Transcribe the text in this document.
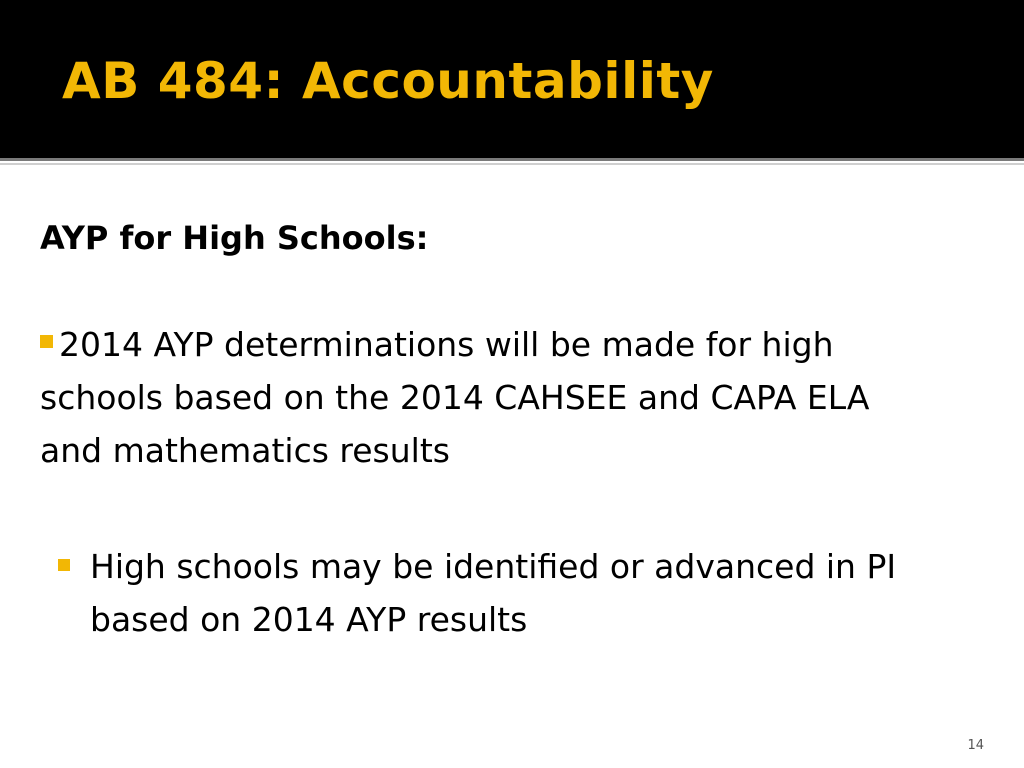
AB 484: Accountability
AYP for High Schools:

2014 AYP determinations will be made for high schools based on the 2014 CAHSEE and CAPA ELA and mathematics results

High schools may be identified or advanced in PI based on 2014 AYP results
14
